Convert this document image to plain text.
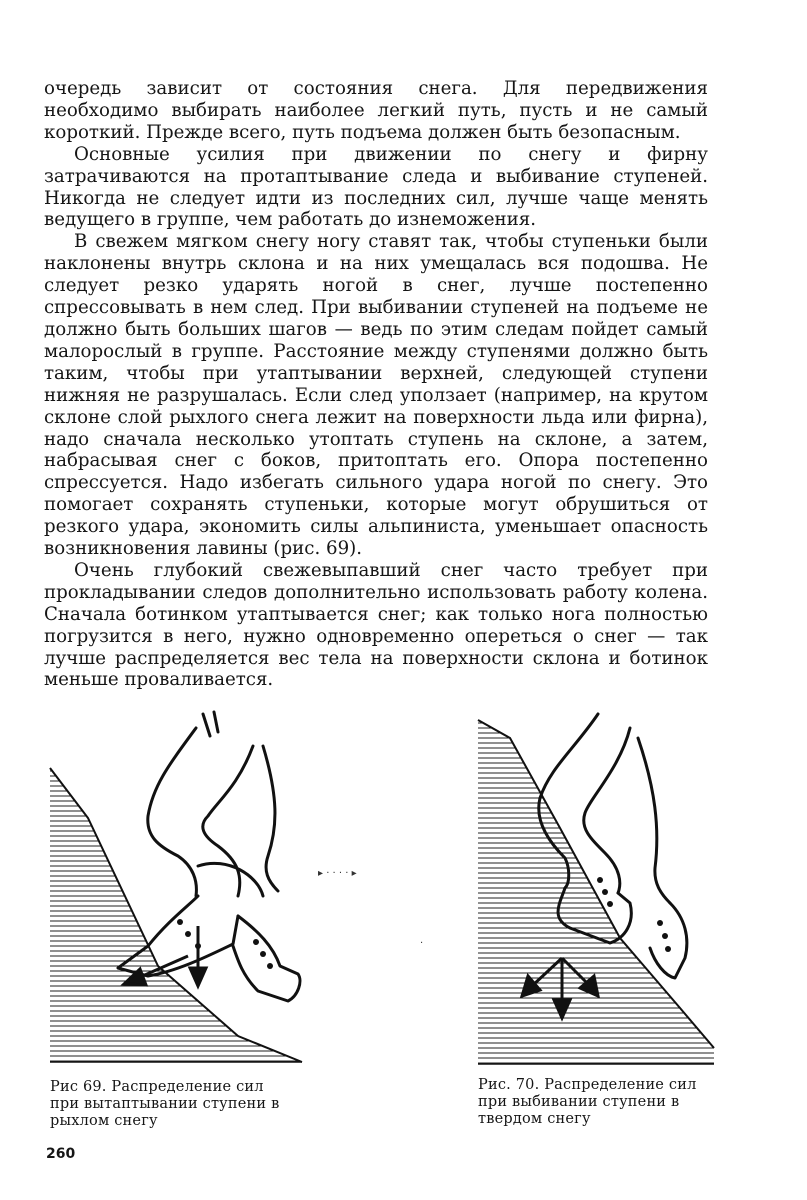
очередь зависит от состояния снега. Для передвижения необходимо выбирать наиболее легкий путь, пусть и не самый короткий. Прежде всего, путь подъема должен быть безопасным.

Основные усилия при движении по снегу и фирну затрачиваются на протаптывание следа и выбивание ступеней. Никогда не следует идти из последних сил, лучше чаще менять ведущего в группе, чем работать до изнеможения.

В свежем мягком снегу ногу ставят так, чтобы ступеньки были наклонены внутрь склона и на них умещалась вся подошва. Не следует резко ударять ногой в снег, лучше постепенно спрессовывать в нем след. При выбивании ступеней на подъеме не должно быть больших шагов — ведь по этим следам пойдет самый малорослый в группе. Расстояние между ступенями должно быть таким, чтобы при утаптывании верхней, следующей ступени нижняя не разрушалась. Если след уползает (например, на крутом склоне слой рыхлого снега лежит на поверхности льда или фирна), надо сначала несколько утоптать ступень на склоне, а затем, набрасывая снег с боков, притоптать его. Опора постепенно спрессуется. Надо избегать сильного удара ногой по снегу. Это помогает сохранять ступеньки, которые могут обрушиться от резкого удара, экономить силы альпиниста, уменьшает опасность возникновения лавины (рис. 69).

Очень глубокий свежевыпавший снег часто требует при прокладывании следов дополнительно использовать работу колена. Сначала ботинком утаптывается снег; как только нога полностью погрузится в него, нужно одновременно опереться о снег — так лучше распределяется вес тела на поверхности склона и ботинок меньше проваливается.

Рис 69. Распределение сил
при вытаптывании ступени в
рыхлом снегу
▸ · · · · ▸
·
Рис. 70. Распределение сил
при выбивании ступени в
твердом снегу
260
